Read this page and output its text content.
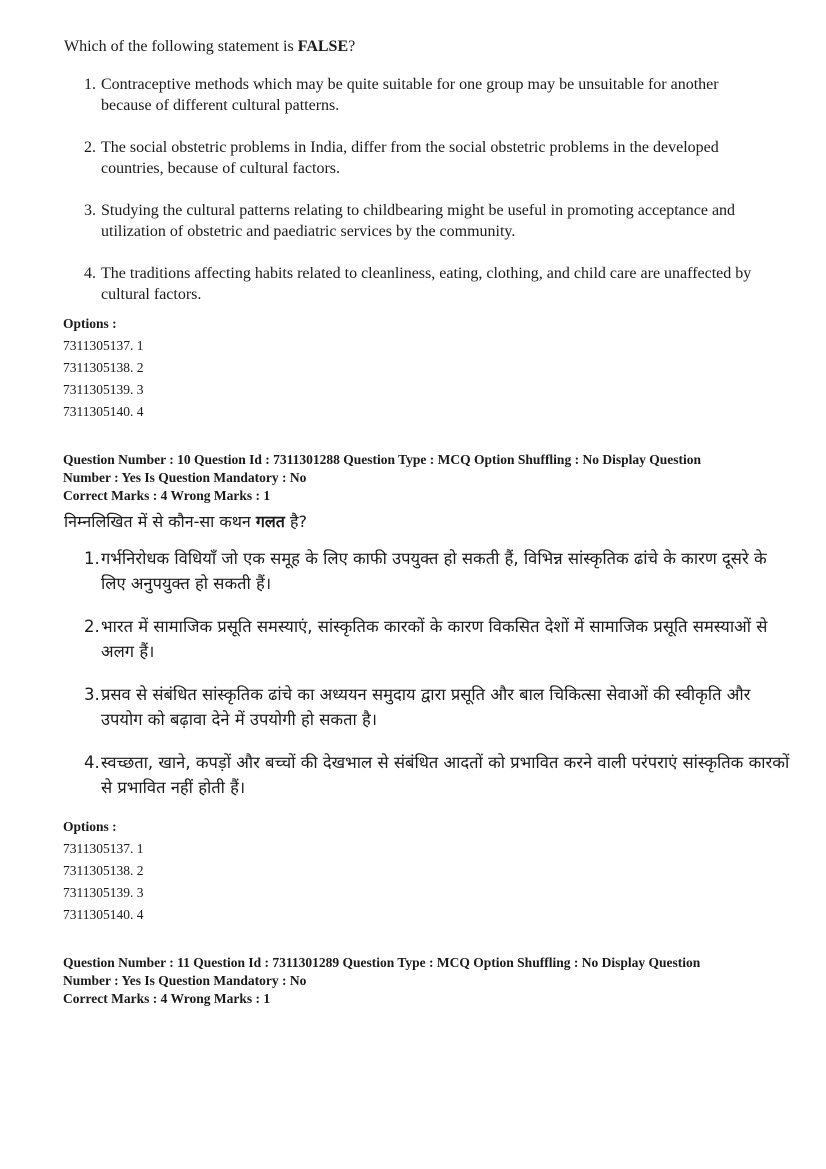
Which of the following statement is FALSE?

1. Contraceptive methods which may be quite suitable for one group may be unsuitable for another because of different cultural patterns.
2. The social obstetric problems in India, differ from the social obstetric problems in the developed countries, because of cultural factors.
3. Studying the cultural patterns relating to childbearing might be useful in promoting acceptance and utilization of obstetric and paediatric services by the community.
4. The traditions affecting habits related to cleanliness, eating, clothing, and child care are unaffected by cultural factors.
Options :
7311305137. 1
7311305138. 2
7311305139. 3
7311305140. 4
Question Number : 10 Question Id : 7311301288 Question Type : MCQ Option Shuffling : No Display Question
Number : Yes Is Question Mandatory : No
Correct Marks : 4 Wrong Marks : 1

निम्नलिखित में से कौन-सा कथन गलत है?

1. गर्भनिरोधक विधियाँ जो एक समूह के लिए काफी उपयुक्त हो सकती हैं, विभिन्न सांस्कृतिक ढांचे के कारण दूसरे के लिए अनुपयुक्त हो सकती हैं।
2. भारत में सामाजिक प्रसूति समस्याएं, सांस्कृतिक कारकों के कारण विकसित देशों में सामाजिक प्रसूति समस्याओं से अलग हैं।
3. प्रसव से संबंधित सांस्कृतिक ढांचे का अध्ययन समुदाय द्वारा प्रसूति और बाल चिकित्सा सेवाओं की स्वीकृति और उपयोग को बढ़ावा देने में उपयोगी हो सकता है।
4. स्वच्छता, खाने, कपड़ों और बच्चों की देखभाल से संबंधित आदतों को प्रभावित करने वाली परंपराएं सांस्कृतिक कारकों से प्रभावित नहीं होती हैं।
Options :
7311305137. 1
7311305138. 2
7311305139. 3
7311305140. 4
Question Number : 11 Question Id : 7311301289 Question Type : MCQ Option Shuffling : No Display Question
Number : Yes Is Question Mandatory : No
Correct Marks : 4 Wrong Marks : 1
